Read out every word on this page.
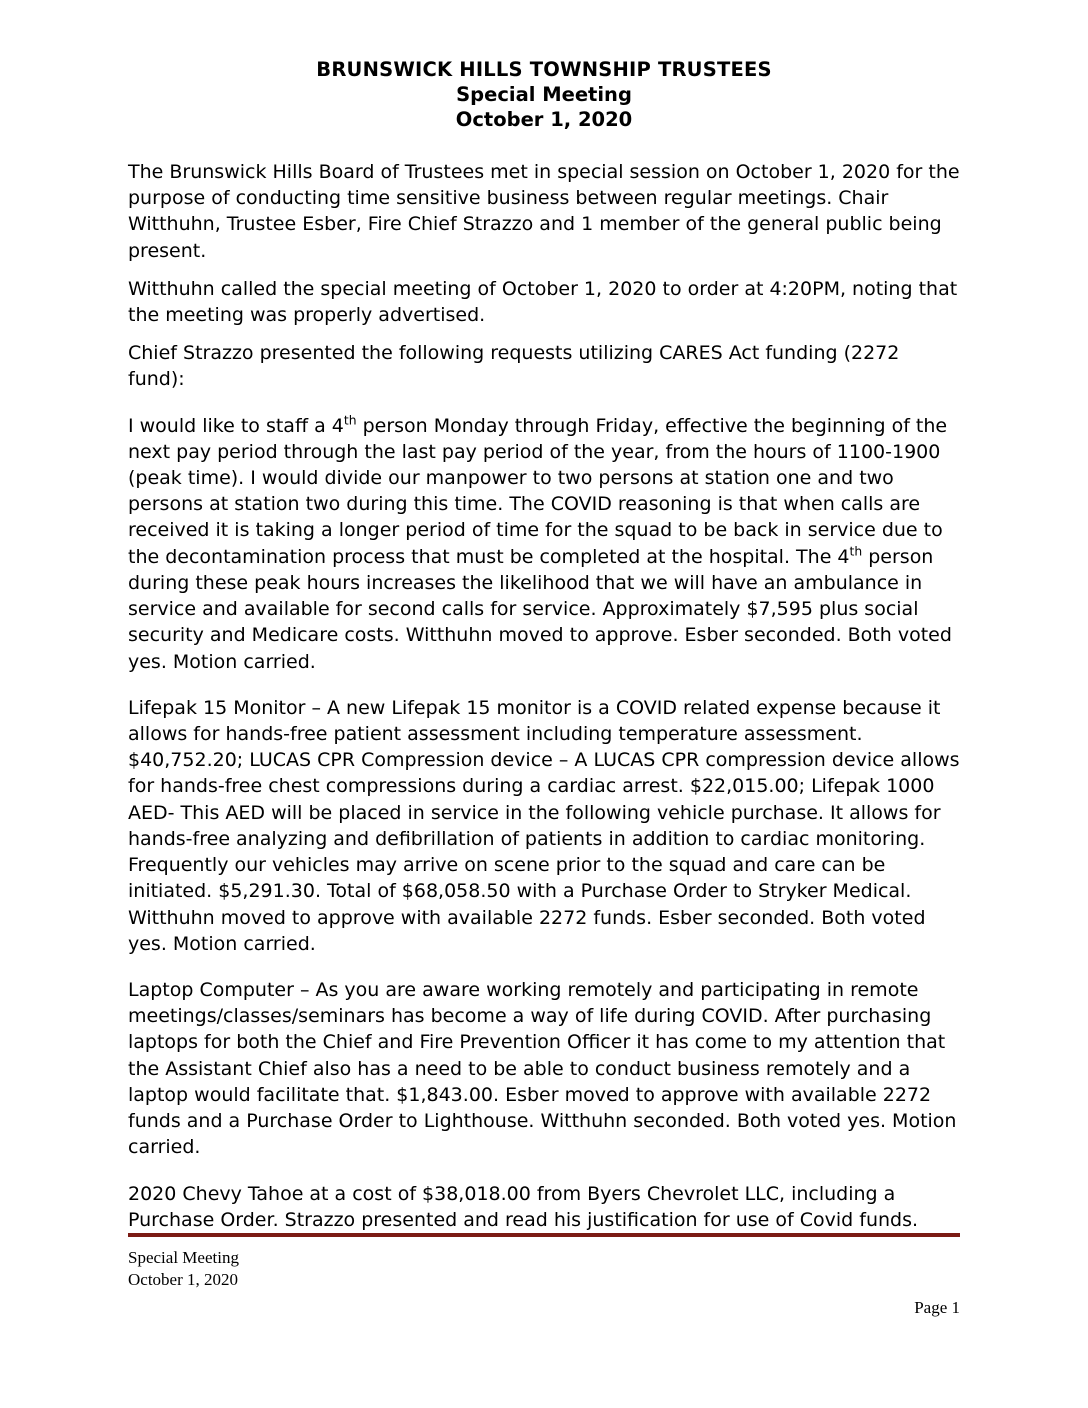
BRUNSWICK HILLS TOWNSHIP TRUSTEES
Special Meeting
October 1, 2020

The Brunswick Hills Board of Trustees met in special session on October 1, 2020 for the purpose of conducting time sensitive business between regular meetings. Chair Witthuhn, Trustee Esber, Fire Chief Strazzo and 1 member of the general public being present.

Witthuhn called the special meeting of October 1, 2020 to order at 4:20PM, noting that the meeting was properly advertised.

Chief Strazzo presented the following requests utilizing CARES Act funding (2272 fund):

I would like to staff a 4th person Monday through Friday, effective the beginning of the next pay period through the last pay period of the year, from the hours of 1100-1900 (peak time). I would divide our manpower to two persons at station one and two persons at station two during this time. The COVID reasoning is that when calls are received it is taking a longer period of time for the squad to be back in service due to the decontamination process that must be completed at the hospital. The 4th person during these peak hours increases the likelihood that we will have an ambulance in service and available for second calls for service. Approximately $7,595 plus social security and Medicare costs. Witthuhn moved to approve. Esber seconded. Both voted yes. Motion carried.

Lifepak 15 Monitor – A new Lifepak 15 monitor is a COVID related expense because it allows for hands-free patient assessment including temperature assessment. $40,752.20; LUCAS CPR Compression device – A LUCAS CPR compression device allows for hands-free chest compressions during a cardiac arrest. $22,015.00; Lifepak 1000 AED- This AED will be placed in service in the following vehicle purchase. It allows for hands-free analyzing and defibrillation of patients in addition to cardiac monitoring. Frequently our vehicles may arrive on scene prior to the squad and care can be initiated. $5,291.30. Total of $68,058.50 with a Purchase Order to Stryker Medical. Witthuhn moved to approve with available 2272 funds. Esber seconded. Both voted yes. Motion carried.

Laptop Computer – As you are aware working remotely and participating in remote meetings/classes/seminars has become a way of life during COVID. After purchasing laptops for both the Chief and Fire Prevention Officer it has come to my attention that the Assistant Chief also has a need to be able to conduct business remotely and a laptop would facilitate that. $1,843.00. Esber moved to approve with available 2272 funds and a Purchase Order to Lighthouse. Witthuhn seconded. Both voted yes. Motion carried.

2020 Chevy Tahoe at a cost of $38,018.00 from Byers Chevrolet LLC, including a Purchase Order. Strazzo presented and read his justification for use of Covid funds.

Special Meeting
October 1, 2020
Page 1
